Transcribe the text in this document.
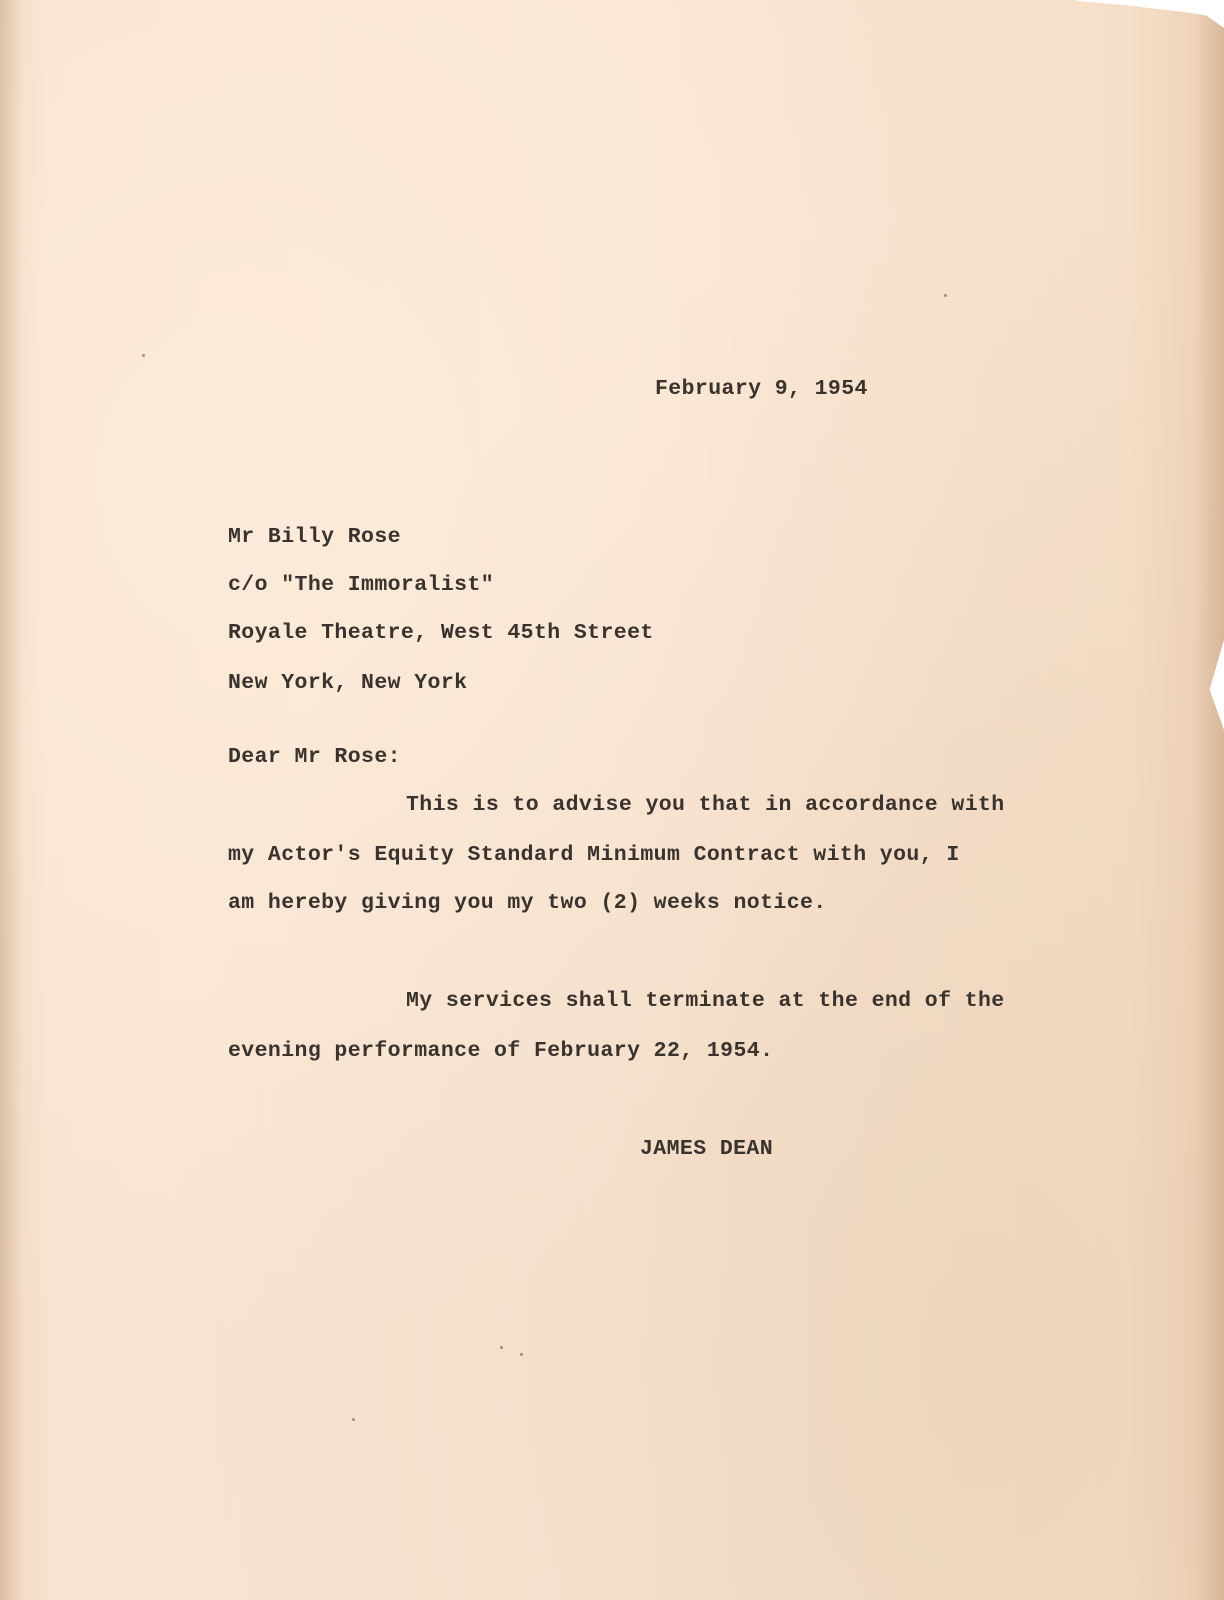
February 9, 1954
Mr Billy Rose
c/o "The Immoralist"
Royale Theatre, West 45th Street
New York, New York
Dear Mr Rose:
This is to advise you that in accordance with
my Actor's Equity Standard Minimum Contract with you, I
am hereby giving you my two (2) weeks notice.
My services shall terminate at the end of the
evening performance of February 22, 1954.
JAMES DEAN
